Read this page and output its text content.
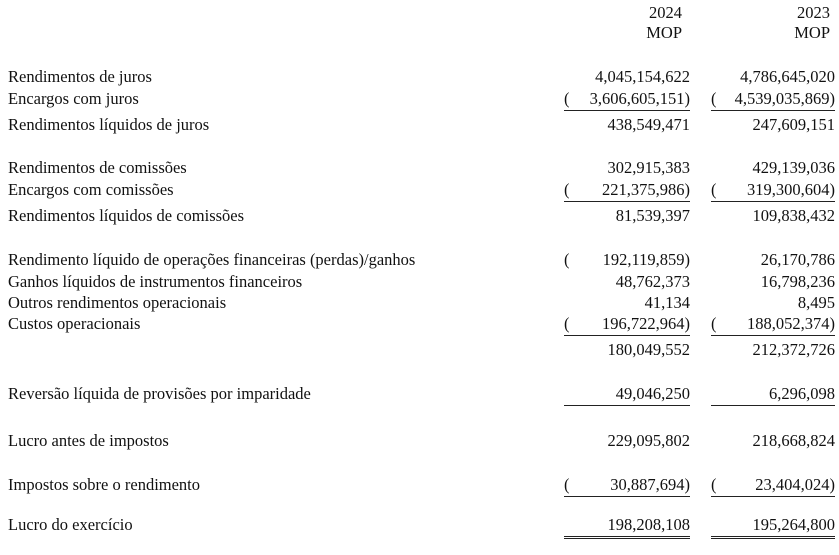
2024
MOP
2023
MOP
Rendimentos de juros	4,045,154,622	4,786,645,020
Encargos com juros	( 3,606,605,151) ( 4,539,035,869)
Rendimentos líquidos de juros	438,549,471	247,609,151
Rendimentos de comissões	302,915,383	429,139,036
Encargos com comissões	( 221,375,986) ( 319,300,604)
Rendimentos líquidos de comissões	81,539,397	109,838,432
Rendimento líquido de operações financeiras (perdas)/ganhos	( 192,119,859)	26,170,786
Ganhos líquidos de instrumentos financeiros	48,762,373	16,798,236
Outros rendimentos operacionais	41,134	8,495
Custos operacionais	( 196,722,964) ( 188,052,374)
180,049,552	212,372,726
Reversão líquida de provisões por imparidade	49,046,250	6,296,098
Lucro antes de impostos	229,095,802	218,668,824
Impostos sobre o rendimento	( 30,887,694) ( 23,404,024)
Lucro do exercício	198,208,108	195,264,800
